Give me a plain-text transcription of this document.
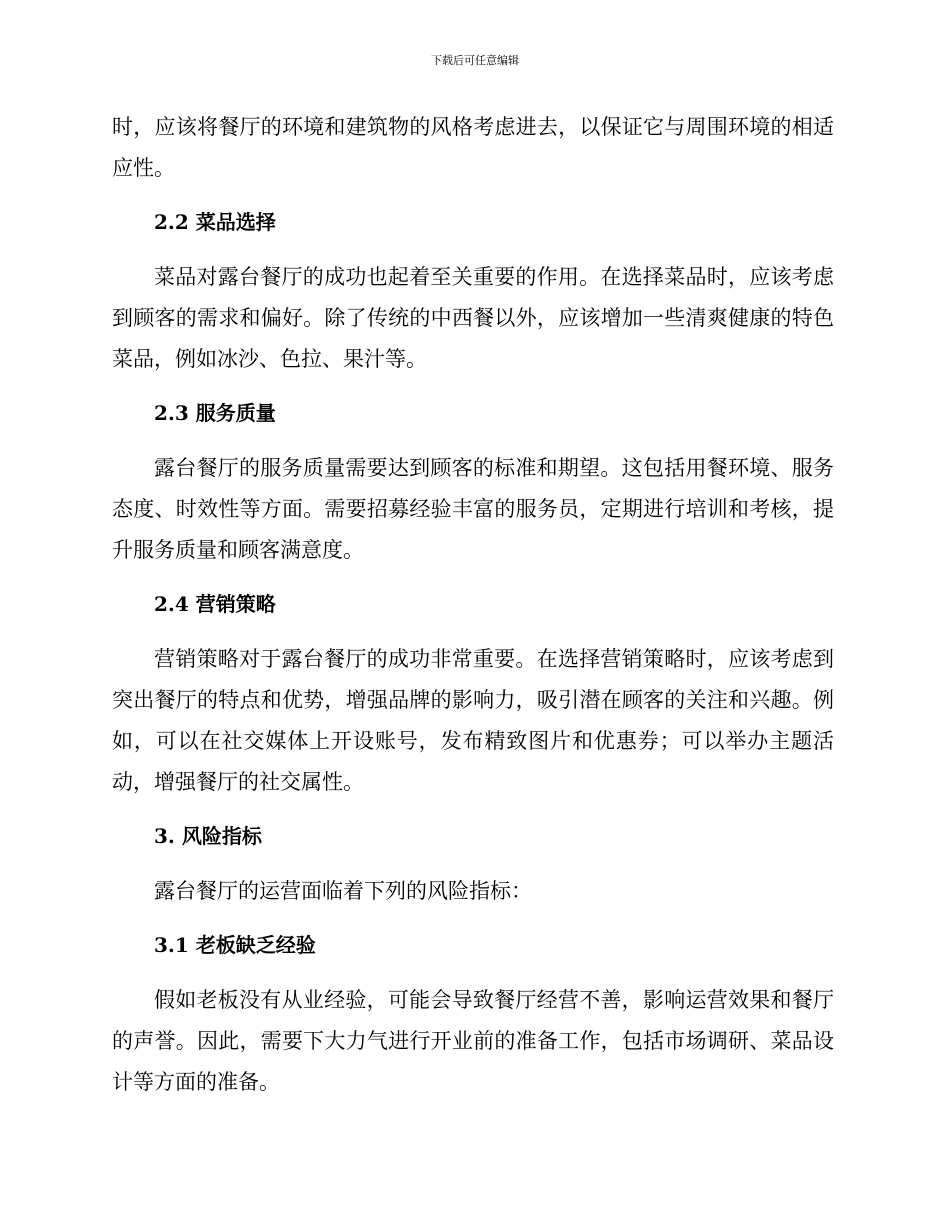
下载后可任意编辑

时，应该将餐厅的环境和建筑物的风格考虑进去，以保证它与周围环境的相适应性。

2.2 菜品选择

菜品对露台餐厅的成功也起着至关重要的作用。在选择菜品时，应该考虑到顾客的需求和偏好。除了传统的中西餐以外，应该增加一些清爽健康的特色菜品，例如冰沙、色拉、果汁等。

2.3 服务质量

露台餐厅的服务质量需要达到顾客的标准和期望。这包括用餐环境、服务态度、时效性等方面。需要招募经验丰富的服务员，定期进行培训和考核，提升服务质量和顾客满意度。

2.4 营销策略

营销策略对于露台餐厅的成功非常重要。在选择营销策略时，应该考虑到突出餐厅的特点和优势，增强品牌的影响力，吸引潜在顾客的关注和兴趣。例如，可以在社交媒体上开设账号，发布精致图片和优惠券；可以举办主题活动，增强餐厅的社交属性。

3. 风险指标

露台餐厅的运营面临着下列的风险指标：

3.1 老板缺乏经验

假如老板没有从业经验，可能会导致餐厅经营不善，影响运营效果和餐厅的声誉。因此，需要下大力气进行开业前的准备工作，包括市场调研、菜品设计等方面的准备。
